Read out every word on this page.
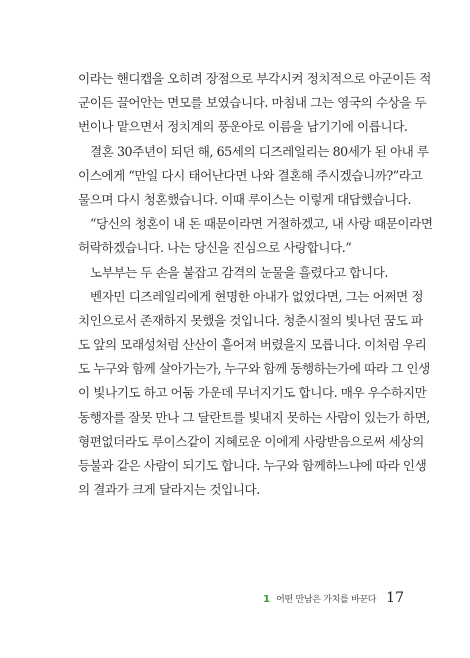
이라는 핸디캡을 오히려 장점으로 부각시켜 정치적으로 아군이든 적
군이든 끌어안는 면모를 보였습니다. 마침내 그는 영국의 수상을 두
번이나 맡으면서 정치계의 풍운아로 이름을 남기기에 이릅니다.
결혼 30주년이 되던 해, 65세의 디즈레일리는 80세가 된 아내 루
이스에게 “만일 다시 태어난다면 나와 결혼해 주시겠습니까?”라고
물으며 다시 청혼했습니다. 이때 루이스는 이렇게 대답했습니다.
“당신의 청혼이 내 돈 때문이라면 거절하겠고, 내 사랑 때문이라면
허락하겠습니다. 나는 당신을 진심으로 사랑합니다.”
노부부는 두 손을 붙잡고 감격의 눈물을 흘렸다고 합니다.
벤자민 디즈레일리에게 현명한 아내가 없었다면, 그는 어쩌면 정
치인으로서 존재하지 못했을 것입니다. 청춘시절의 빛나던 꿈도 파
도 앞의 모래성처럼 산산이 흩어져 버렸을지 모릅니다. 이처럼 우리
도 누구와 함께 살아가는가, 누구와 함께 동행하는가에 따라 그 인생
이 빛나기도 하고 어둠 가운데 무너지기도 합니다. 매우 우수하지만
동행자를 잘못 만나 그 달란트를 빛내지 못하는 사람이 있는가 하면,
형편없더라도 루이스같이 지혜로운 이에게 사랑받음으로써 세상의
등불과 같은 사람이 되기도 합니다. 누구와 함께하느냐에 따라 인생
의 결과가 크게 달라지는 것입니다.
1 어떤 만남은 가치를 바꾼다 17
